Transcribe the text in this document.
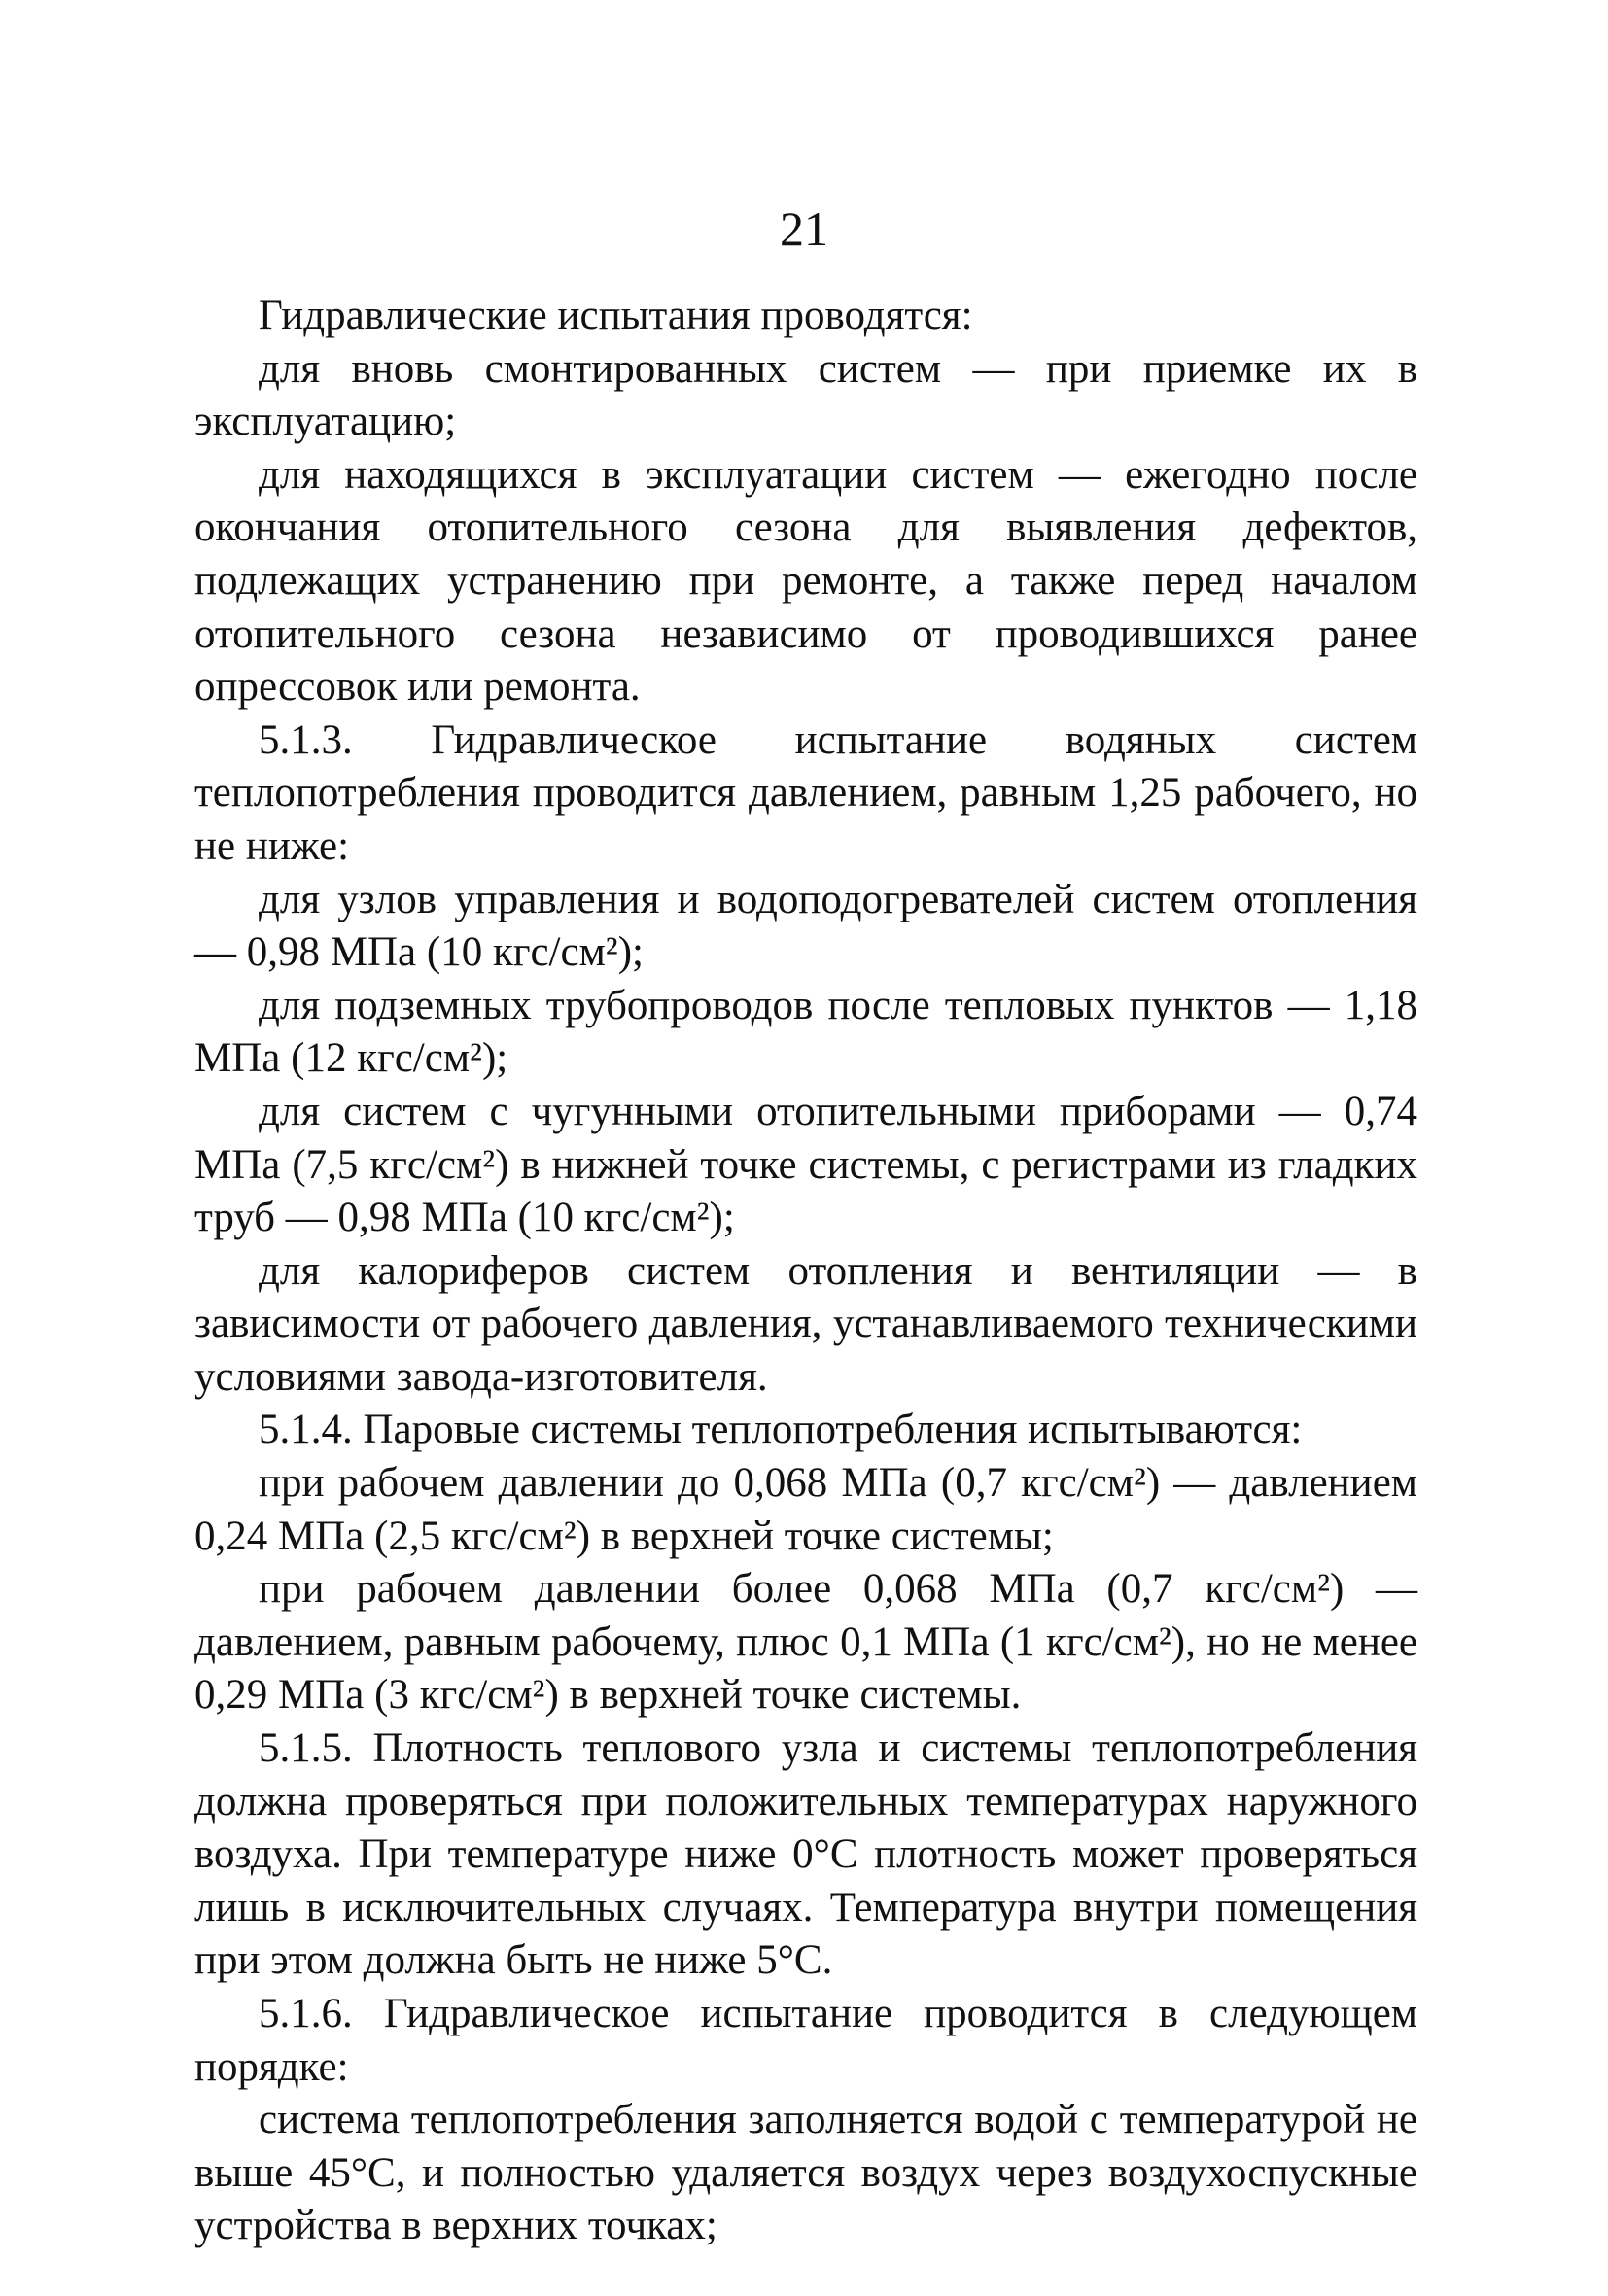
21

Гидравлические испытания проводятся:

для вновь смонтированных систем — при приемке их в эксплуатацию;

для находящихся в эксплуатации систем — ежегодно после окончания отопительного сезона для выявления дефектов, подлежащих устранению при ремонте, а также перед началом отопительного сезона независимо от проводившихся ранее опрессовок или ремонта.

5.1.3. Гидравлическое испытание водяных систем теплопотребления проводится давлением, равным 1,25 рабочего, но не ниже:

для узлов управления и водоподогревателей систем отопления — 0,98 МПа (10 кгс/см²);

для подземных трубопроводов после тепловых пунктов — 1,18 МПа (12 кгс/см²);

для систем с чугунными отопительными приборами — 0,74 МПа (7,5 кгс/см²) в нижней точке системы, с регистрами из гладких труб — 0,98 МПа (10 кгс/см²);

для калориферов систем отопления и вентиляции — в зависимости от рабочего давления, устанавливаемого техническими условиями завода-изготовителя.

5.1.4. Паровые системы теплопотребления испытываются:

при рабочем давлении до 0,068 МПа (0,7 кгс/см²) — давлением 0,24 МПа (2,5 кгс/см²) в верхней точке системы;

при рабочем давлении более 0,068 МПа (0,7 кгс/см²) — давлением, равным рабочему, плюс 0,1 МПа (1 кгс/см²), но не менее 0,29 МПа (3 кгс/см²) в верхней точке системы.

5.1.5. Плотность теплового узла и системы теплопотребления должна проверяться при положительных температурах наружного воздуха. При температуре ниже 0°С плотность может проверяться лишь в исключительных случаях. Температура внутри помещения при этом должна быть не ниже 5°С.

5.1.6. Гидравлическое испытание проводится в следующем порядке:

система теплопотребления заполняется водой с температурой не выше 45°С, и полностью удаляется воздух через воздухоспускные устройства в верхних точках;
